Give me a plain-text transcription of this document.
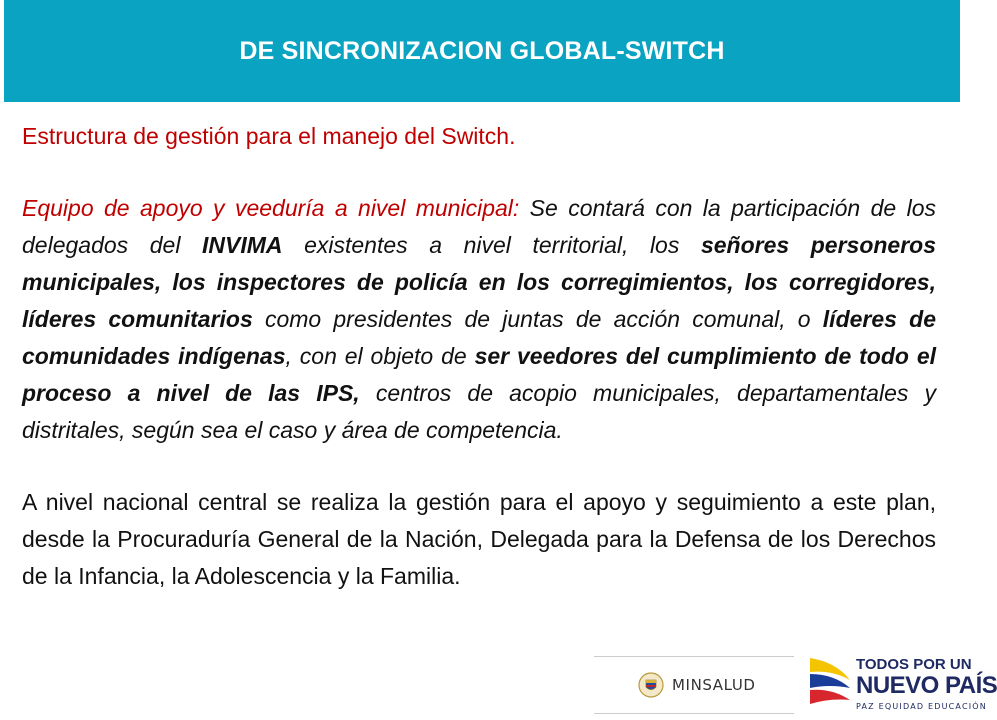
DE SINCRONIZACION GLOBAL-SWITCH

Estructura de gestión para el manejo del Switch.

Equipo de apoyo y veeduría a nivel municipal: Se contará con la participación de los delegados del INVIMA existentes a nivel territorial, los señores personeros municipales, los inspectores de policía en los corregimientos, los corregidores, líderes comunitarios como presidentes de juntas de acción comunal, o líderes de comunidades indígenas, con el objeto de ser veedores del cumplimiento de todo el proceso a nivel de las IPS, centros de acopio municipales, departamentales y distritales, según sea el caso y área de competencia.

A nivel nacional central se realiza la gestión para el apoyo y seguimiento a este plan, desde la Procuraduría General de la Nación, Delegada para la Defensa de los Derechos de la Infancia, la Adolescencia y la Familia.

MINSALUD
TODOS POR UN
NUEVO PAÍS
PAZ EQUIDAD EDUCACIÓN
